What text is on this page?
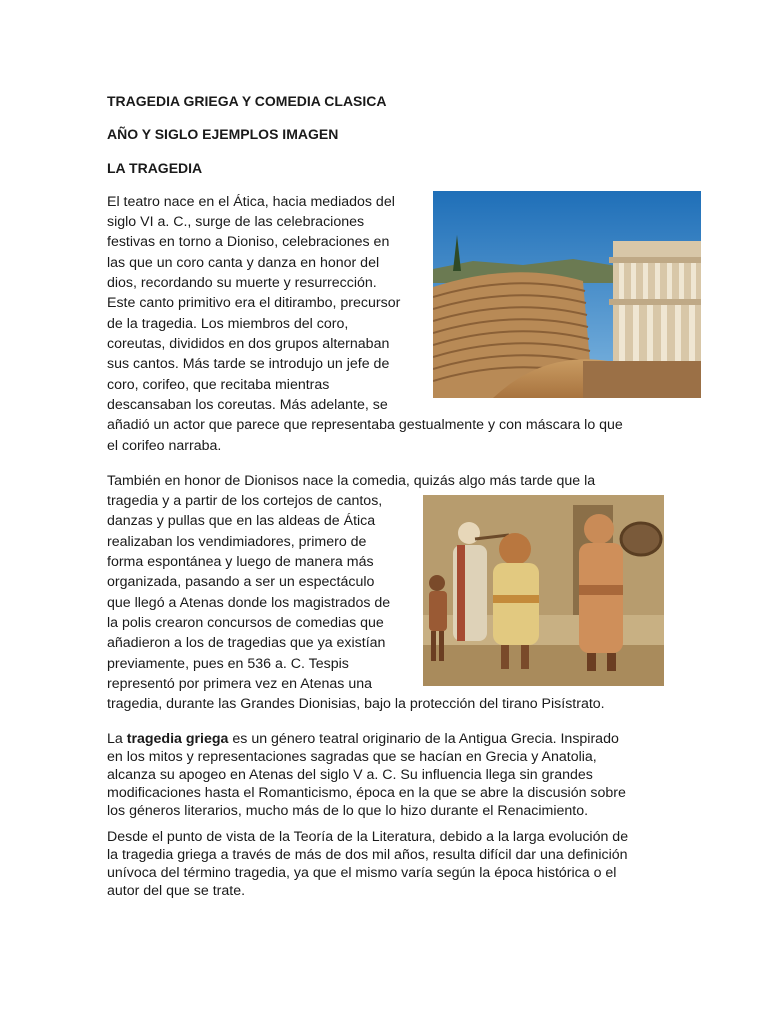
TRAGEDIA GRIEGA Y COMEDIA CLASICA
AÑO Y SIGLO EJEMPLOS IMAGEN
LA TRAGEDIA
El teatro nace en el Ática, hacia mediados del
siglo VI a. C., surge de las celebraciones
festivas en torno a Dioniso, celebraciones en
las que un coro canta y danza en honor del
dios, recordando su muerte y resurrección.
Este canto primitivo era el ditirambo, precursor
de la tragedia. Los miembros del coro,
coreutas, divididos en dos grupos alternaban
sus cantos. Más tarde se introdujo un jefe de
coro, corifeo, que recitaba mientras
descansaban los coreutas. Más adelante, se
añadió un actor que parece que representaba gestualmente y con máscara lo que
el corifeo narraba.
También en honor de Dionisos nace la comedia, quizás algo más tarde que la
tragedia y a partir de los cortejos de cantos,
danzas y pullas que en las aldeas de Ática
realizaban los vendimiadores, primero de
forma espontánea y luego de manera más
organizada, pasando a ser un espectáculo
que llegó a Atenas donde los magistrados de
la polis crearon concursos de comedias que
añadieron a los de tragedias que ya existían
previamente, pues en 536 a. C. Tespis
representó por primera vez en Atenas una
tragedia, durante las Grandes Dionisias, bajo la protección del tirano Pisístrato.
La tragedia griega es un género teatral originario de la Antigua Grecia. Inspirado
en los mitos y representaciones sagradas que se hacían en Grecia y Anatolia,
alcanza su apogeo en Atenas del siglo V a. C. Su influencia llega sin grandes
modificaciones hasta el Romanticismo, época en la que se abre la discusión sobre
los géneros literarios, mucho más de lo que lo hizo durante el Renacimiento.
Desde el punto de vista de la Teoría de la Literatura, debido a la larga evolución de
la tragedia griega a través de más de dos mil años, resulta difícil dar una definición
unívoca del término tragedia, ya que el mismo varía según la época histórica o el
autor del que se trate.
